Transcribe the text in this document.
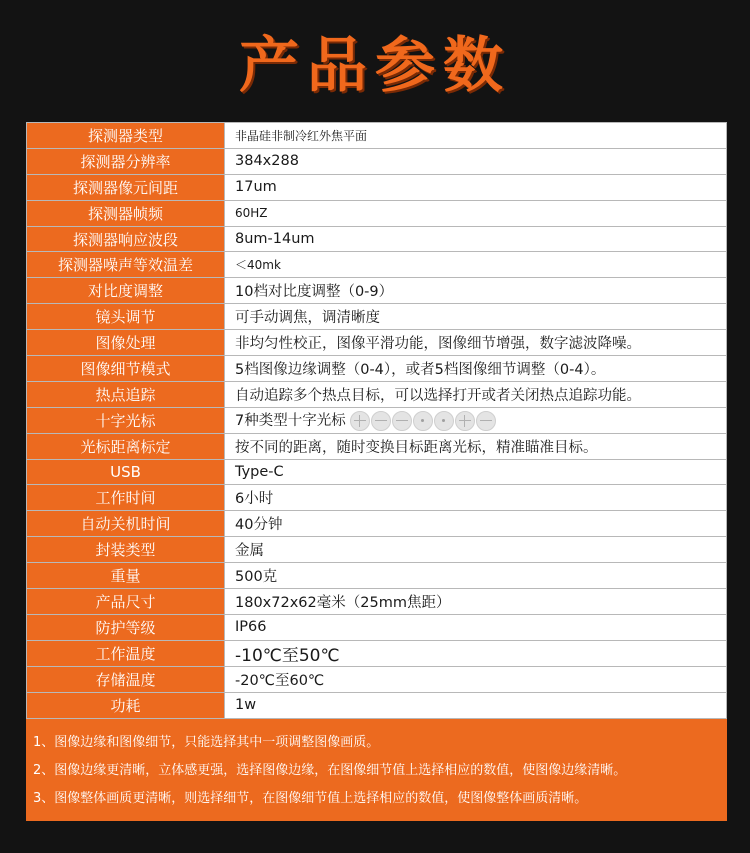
产品参数
探测器类型	非晶硅非制冷红外焦平面
探测器分辨率	384x288
探测器像元间距	17um
探测器帧频	60HZ
探测器响应波段	8um-14um
探测器噪声等效温差	＜40mk
对比度调整	10档对比度调整（0-9）
镜头调节	可手动调焦，调清晰度
图像处理	非均匀性校正，图像平滑功能，图像细节增强，数字滤波降噪。
图像细节模式	5档图像边缘调整（0-4），或者5档图像细节调整（0-4）。
热点追踪	自动追踪多个热点目标，可以选择打开或者关闭热点追踪功能。
十字光标	7种类型十字光标
光标距离标定	按不同的距离，随时变换目标距离光标，精准瞄准目标。
USB	Type-C
工作时间	6小时
自动关机时间	40分钟
封装类型	金属
重量	500克
产品尺寸	180x72x62毫米（25mm焦距）
防护等级	IP66
工作温度	-10℃至50℃
存储温度	-20℃至60℃
功耗	1w
1、图像边缘和图像细节，只能选择其中一项调整图像画质。
2、图像边缘更清晰，立体感更强，选择图像边缘，在图像细节值上选择相应的数值，使图像边缘清晰。
3、图像整体画质更清晰，则选择细节，在图像细节值上选择相应的数值，使图像整体画质清晰。
